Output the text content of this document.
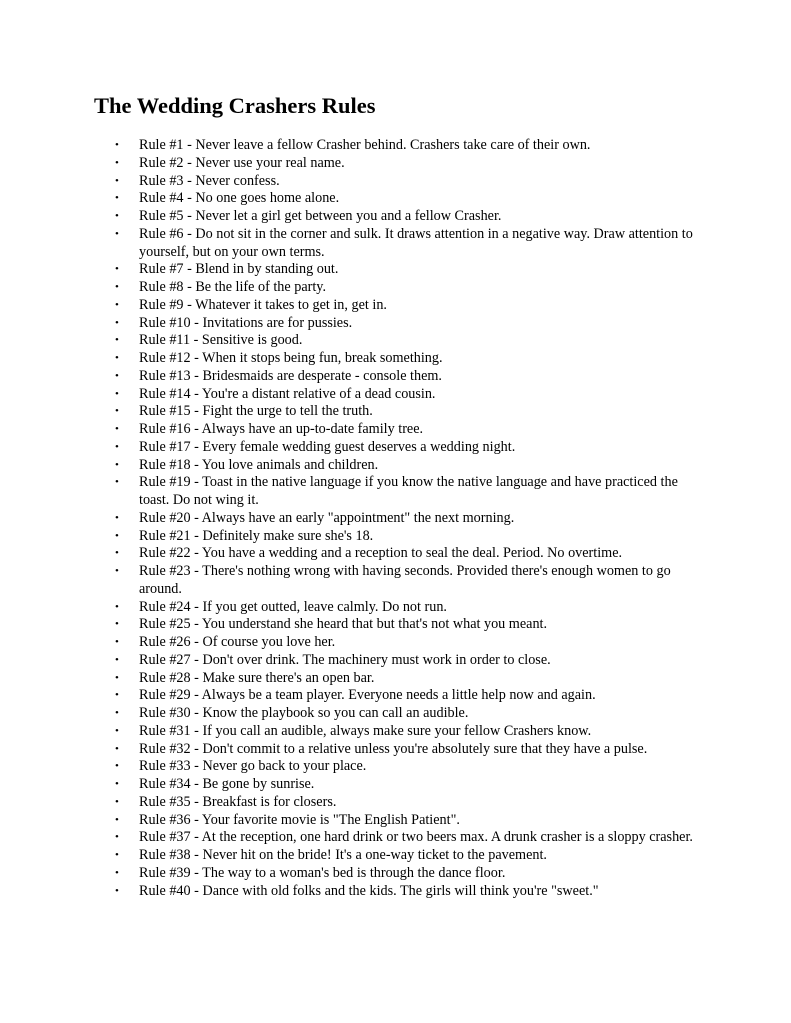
The Wedding Crashers Rules
• Rule #1 - Never leave a fellow Crasher behind. Crashers take care of their own.
• Rule #2 - Never use your real name.
• Rule #3 - Never confess.
• Rule #4 - No one goes home alone.
• Rule #5 - Never let a girl get between you and a fellow Crasher.
• Rule #6 - Do not sit in the corner and sulk. It draws attention in a negative way. Draw attention to yourself, but on your own terms.
• Rule #7 - Blend in by standing out.
• Rule #8 - Be the life of the party.
• Rule #9 - Whatever it takes to get in, get in.
• Rule #10 - Invitations are for pussies.
• Rule #11 - Sensitive is good.
• Rule #12 - When it stops being fun, break something.
• Rule #13 - Bridesmaids are desperate - console them.
• Rule #14 - You're a distant relative of a dead cousin.
• Rule #15 - Fight the urge to tell the truth.
• Rule #16 - Always have an up-to-date family tree.
• Rule #17 - Every female wedding guest deserves a wedding night.
• Rule #18 - You love animals and children.
• Rule #19 - Toast in the native language if you know the native language and have practiced the toast. Do not wing it.
• Rule #20 - Always have an early "appointment" the next morning.
• Rule #21 - Definitely make sure she's 18.
• Rule #22 - You have a wedding and a reception to seal the deal. Period. No overtime.
• Rule #23 - There's nothing wrong with having seconds. Provided there's enough women to go around.
• Rule #24 - If you get outted, leave calmly. Do not run.
• Rule #25 - You understand she heard that but that's not what you meant.
• Rule #26 - Of course you love her.
• Rule #27 - Don't over drink. The machinery must work in order to close.
• Rule #28 - Make sure there's an open bar.
• Rule #29 - Always be a team player. Everyone needs a little help now and again.
• Rule #30 - Know the playbook so you can call an audible.
• Rule #31 - If you call an audible, always make sure your fellow Crashers know.
• Rule #32 - Don't commit to a relative unless you're absolutely sure that they have a pulse.
• Rule #33 - Never go back to your place.
• Rule #34 - Be gone by sunrise.
• Rule #35 - Breakfast is for closers.
• Rule #36 - Your favorite movie is "The English Patient".
• Rule #37 - At the reception, one hard drink or two beers max. A drunk crasher is a sloppy crasher.
• Rule #38 - Never hit on the bride! It's a one-way ticket to the pavement.
• Rule #39 - The way to a woman's bed is through the dance floor.
• Rule #40 - Dance with old folks and the kids. The girls will think you're "sweet."
